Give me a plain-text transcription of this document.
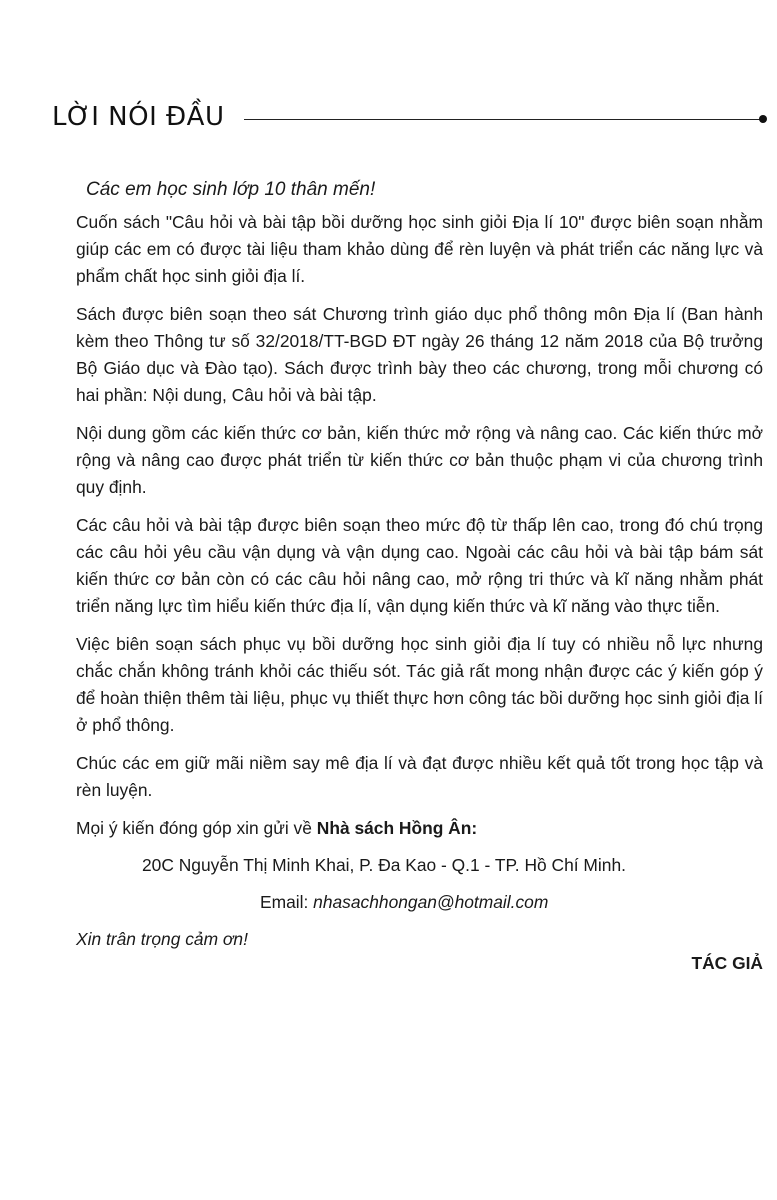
LỜI NÓI ĐẦU

Các em học sinh lớp 10 thân mến!

Cuốn sách "Câu hỏi và bài tập bồi dưỡng học sinh giỏi Địa lí 10" được biên soạn nhằm giúp các em có được tài liệu tham khảo dùng để rèn luyện và phát triển các năng lực và phẩm chất học sinh giỏi địa lí.

Sách được biên soạn theo sát Chương trình giáo dục phổ thông môn Địa lí (Ban hành kèm theo Thông tư số 32/2018/TT-BGD ĐT ngày 26 tháng 12 năm 2018 của Bộ trưởng Bộ Giáo dục và Đào tạo). Sách được trình bày theo các chương, trong mỗi chương có hai phần: Nội dung, Câu hỏi và bài tập.

Nội dung gồm các kiến thức cơ bản, kiến thức mở rộng và nâng cao. Các kiến thức mở rộng và nâng cao được phát triển từ kiến thức cơ bản thuộc phạm vi của chương trình quy định.

Các câu hỏi và bài tập được biên soạn theo mức độ từ thấp lên cao, trong đó chú trọng các câu hỏi yêu cầu vận dụng và vận dụng cao. Ngoài các câu hỏi và bài tập bám sát kiến thức cơ bản còn có các câu hỏi nâng cao, mở rộng tri thức và kĩ năng nhằm phát triển năng lực tìm hiểu kiến thức địa lí, vận dụng kiến thức và kĩ năng vào thực tiễn.

Việc biên soạn sách phục vụ bồi dưỡng học sinh giỏi địa lí tuy có nhiều nỗ lực nhưng chắc chắn không tránh khỏi các thiếu sót. Tác giả rất mong nhận được các ý kiến góp ý để hoàn thiện thêm tài liệu, phục vụ thiết thực hơn công tác bồi dưỡng học sinh giỏi địa lí ở phổ thông.

Chúc các em giữ mãi niềm say mê địa lí và đạt được nhiều kết quả tốt trong học tập và rèn luyện.

Mọi ý kiến đóng góp xin gửi về Nhà sách Hồng Ân:

20C Nguyễn Thị Minh Khai, P. Đa Kao - Q.1 - TP. Hồ Chí Minh.

Email: nhasachhongan@hotmail.com

Xin trân trọng cảm ơn!

TÁC GIẢ
